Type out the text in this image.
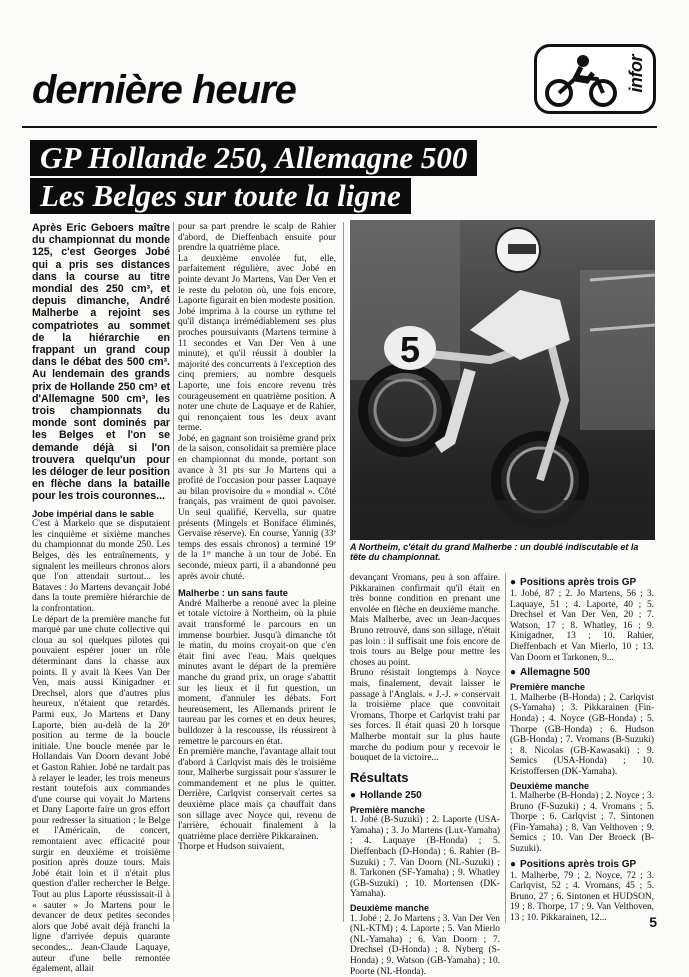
dernière heure	infor
GP Hollande 250, Allemagne 500
Les Belges sur toute la ligne

Après Eric Geboers maître du championnat du monde 125, c'est Georges Jobé qui a pris ses distances dans la course au titre mondial des 250 cm³, et depuis dimanche, André Malherbe a rejoint ses compatriotes au sommet de la hiérarchie en frappant un grand coup dans le débat des 500 cm³. Au lendemain des grands prix de Hollande 250 cm³ et d'Allemagne 500 cm³, les trois championnats du monde sont dominés par les Belges et l'on se demande déjà si l'on trouvera quelqu'un pour les déloger de leur position en flèche dans la bataille pour les trois couronnes...

Jobe impérial dans le sable

C'est à Markelo que se disputaient les cinquième et sixième manches du championnat du monde 250. Les Belges, dès les entraînements, y signalent les meilleurs chronos alors que l'on attendait surtout... les Bataves : Jo Martens devançait Jobé dans la toute première hiérarchie de la confrontation.

Le départ de la première manche fut marqué par une chute collective qui cloua au sol quelques pilotes qui pouvaient espérer jouer un rôle déterminant dans la chasse aux points. Il y avait là Kees Van Der Ven, mais aussi Kinigadner et Drechsel, alors que d'autres plus heureux, n'étaient que retardés. Parmi eux, Jo Martens et Dany Laporte, bien au-delà de la 20ᵉ position au terme de la boucle initiale. Une boucle menée par le Hollandais Van Doorn devant Jobé et Gaston Rahier. Jobé ne tardait pas à relayer le leader, les trois meneurs restant toutefois aux commandes d'une course qui voyait Jo Martens et Dany Laporte faire un gros effort pour redresser la situation ; le Belge et l'Américain, de concert, remontaient avec efficacité pour surgir en deuxième et troisième position après douze tours. Mais Jobé était loin et il n'était plus question d'aller rechercher le Belge. Tout au plus Laporte réussissait-il à « sauter » Jo Martens pour le devancer de deux petites secondes alors que Jobé avait déjà franchi la ligne d'arrivée depuis quarante secondes... Jean-Claude Laquaye, auteur d'une belle remontée également, allait

pour sa part prendre le scalp de Rahier d'abord, de Dieffenbach ensuite pour prendre la quatrième place.

La deuxième envolée fut, elle, parfaitement régulière, avec Jobé en pointe devant Jo Martens, Van Der Ven et le reste du peloton où, une fois encore, Laporte figurait en bien modeste position.

Jobé imprima à la course un rythme tel qu'il distança irrémédiablement ses plus proches poursuivants (Martens termine à 11 secondes et Van Der Ven à une minute), et qu'il réussit à doubler la majorité des concurrents à l'exception des cinq premiers, au nombre desquels Laporte, une fois encore revenu très courageusement en quatrième position. A noter une chute de Laquaye et de Rahier, qui renonçaient tous les deux avant terme.

Jobé, en gagnant son troisième grand prix de la saison, consolidait sa première place en championnat du monde, portant son avance à 31 pts sur Jo Martens qui a profité de l'occasion pour passer Laquaye au bilan provisoire du « mondial ». Côté français, pas vraiment de quoi pavoiser. Un seul qualifié, Kervella, sur quatre présents (Mingels et Boniface éliminés, Gervaise réserve). En course, Yannig (33ᵉ temps des essais chronos) a terminé 19ᵉ de la 1ʳᵉ manche à un tour de Jobé. En seconde, mieux parti, il a abandonné peu après avoir chuté.

Malherbe : un sans faute

André Malherbe a renoué avec la pleine et totale victoire à Northeim, où la pluie avait transformé le parcours en un immense bourbier. Jusqu'à dimanche tôt le matin, du moins croyait-on que c'en était fini avec l'eau. Mais quelques minutes avant le départ de la première manche du grand prix, un orage s'abattit sur les lieux et il fut question, un moment, d'annuler les débats. Fort heureusement, les Allemands prirent le taureau par les cornes et en deux heures, bulldozer à la rescousse, ils réussirent à remettre le parcours en état.

En première manche, l'avantage allait tout d'abord à Carlqvist mais dès le troisième tour, Malherbe surgissait pour s'assurer le commandement et ne plus le quitter. Derrière, Carlqvist conservait certes sa deuxième place mais ça chauffait dans son sillage avec Noyce qui, revenu de l'arrière, échouait finalement à la quatrième place derrière Pikkarainen.

Thorpe et Hudson suivaient,

5
A Northeim, c'était du grand Malherbe : un doublé indiscutable et la tête du championnat.

devançant Vromans, peu à son affaire. Pikkarainen confirmait qu'il était en très bonne condition en prenant une envolée en flèche en deuxième manche. Mais Malherbe, avec un Jean-Jacques Bruno retrouvé, dans son sillage, n'était pas loin : il suffisait une fois encore de trois tours au Belge pour mettre les choses au point.

Bruno résistait longtemps à Noyce mais, finalement, devait laisser le passage à l'Anglais. « J.-J. » conservait la troisième place que convoitait Vromans, Thorpe et Carlqvist trahi par ses forces. Il était quasi 20 h lorsque Malherbe montait sur la plus haute marche du podium pour y recevoir le bouquet de la victoire...

Résultats

● Hollande 250

Première manche

1. Jobé (B-Suzuki) ; 2. Laporte (USA-Yamaha) ; 3. Jo Martens (Lux-Yamaha) ; 4. Laquaye (B-Honda) ; 5. Dieffenbach (D-Honda) ; 6. Rahier (B-Suzuki) ; 7. Van Doorn (NL-Suzuki) ; 8. Tarkonen (SF-Yamaha) ; 9. Whatley (GB-Suzuki) ; 10. Mortensen (DK-Yamaha).

Deuxième manche

1. Jobé ; 2. Jo Martens ; 3. Van Der Ven (NL-KTM) ; 4. Laporte ; 5. Van Mierlo (NL-Yamaha) ; 6. Van Doorn ; 7. Drechsel (D-Honda) ; 8. Nyberg (S-Honda) ; 9. Watson (GB-Yamaha) ; 10. Poorte (NL-Honda).

● Positions après trois GP

1. Jobé, 87 ; 2. Jo Martens, 56 ; 3. Laquaye, 51 ; 4. Laporte, 40 ; 5. Drechsel et Van Der Ven, 20 ; 7. Watson, 17 ; 8. Whatley, 16 ; 9. Kinigadner, 13 ; 10. Rahier, Dieffenbach et Van Mierlo, 10 ; 13. Van Doorn et Tarkonen, 9...

● Allemagne 500

Première manche

1. Malherbe (B-Honda) ; 2. Carlqvist (S-Yamaha) ; 3. Pikkarainen (Fin-Honda) ; 4. Noyce (GB-Honda) ; 5. Thorpe (GB-Honda) ; 6. Hudson (GB-Honda) ; 7. Vromans (B-Suzuki) ; 8. Nicolas (GB-Kawasaki) ; 9. Semics (USA-Honda) ; 10. Kristoffersen (DK-Yamaha).

Deuxième manche

1. Malherbe (B-Honda) ; 2. Noyce ; 3. Bruno (F-Suzuki) ; 4. Vromans ; 5. Thorpe ; 6. Carlqvist ; 7. Sintonen (Fin-Yamaha) ; 8. Van Velthoven ; 9. Semics ; 10. Van Der Broeck (B-Suzuki).

● Positions après trois GP

1. Malherbe, 79 ; 2. Noyce, 72 ; 3. Carlqvist, 52 ; 4. Vromans, 45 ; 5. Bruno, 27 ; 6. Sintonen et HUDSON, 19 ; 8. Thorpe, 17 ; 9. Van Velthoven, 13 ; 10. Pikkarainen, 12...	5
